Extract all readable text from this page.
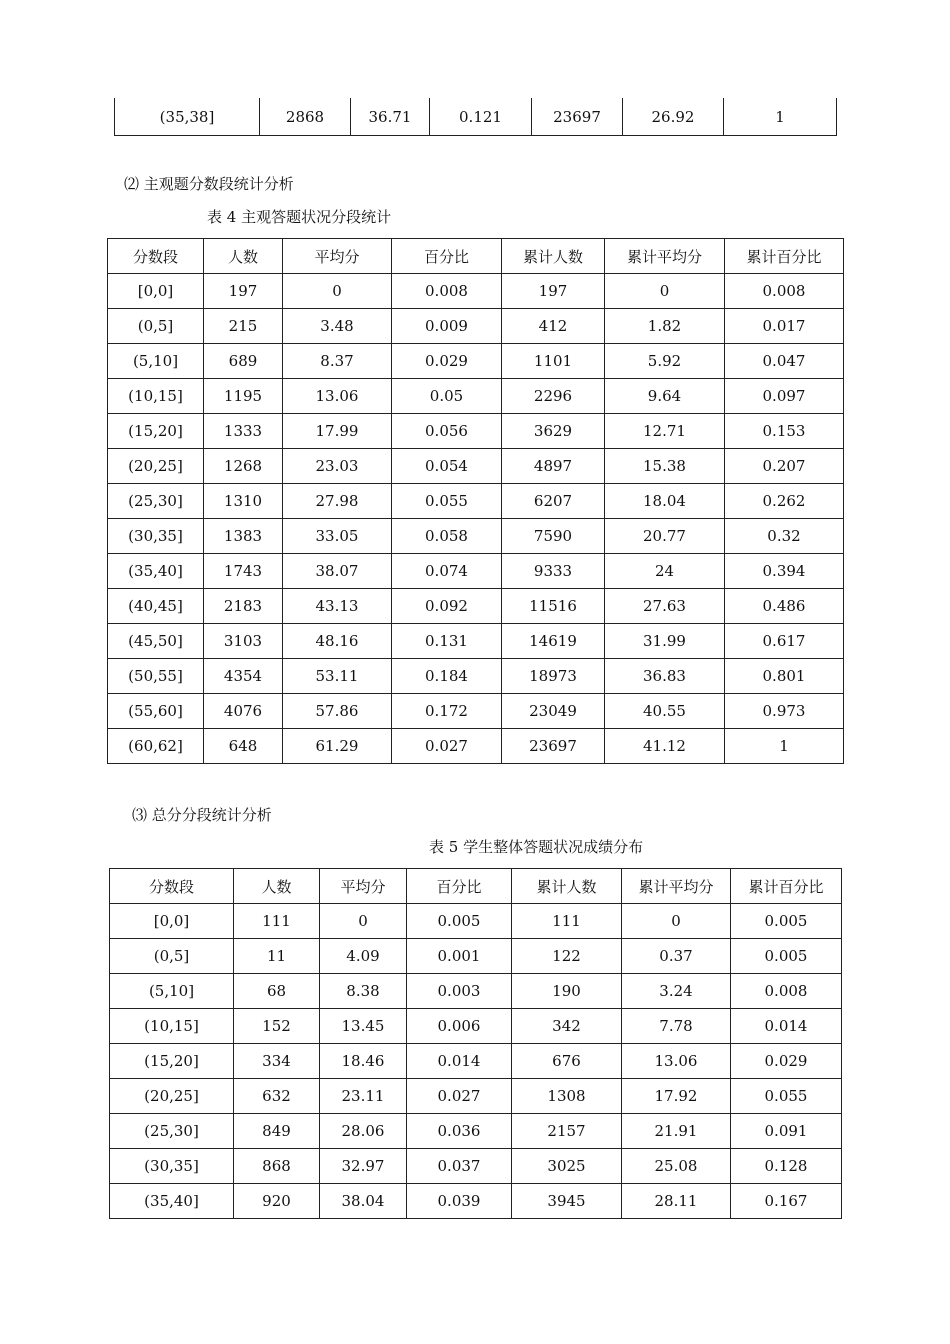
(35,38]	2868	36.71	0.121	23697	26.92	1
⑵ 主观题分数段统计分析
表 4 主观答题状况分段统计
分数段	人数	平均分	百分比	累计人数	累计平均分	累计百分比
[0,0]	197	0	0.008	197	0	0.008
(0,5]	215	3.48	0.009	412	1.82	0.017
(5,10]	689	8.37	0.029	1101	5.92	0.047
(10,15]	1195	13.06	0.05	2296	9.64	0.097
(15,20]	1333	17.99	0.056	3629	12.71	0.153
(20,25]	1268	23.03	0.054	4897	15.38	0.207
(25,30]	1310	27.98	0.055	6207	18.04	0.262
(30,35]	1383	33.05	0.058	7590	20.77	0.32
(35,40]	1743	38.07	0.074	9333	24	0.394
(40,45]	2183	43.13	0.092	11516	27.63	0.486
(45,50]	3103	48.16	0.131	14619	31.99	0.617
(50,55]	4354	53.11	0.184	18973	36.83	0.801
(55,60]	4076	57.86	0.172	23049	40.55	0.973
(60,62]	648	61.29	0.027	23697	41.12	1
⑶ 总分分段统计分析
表 5 学生整体答题状况成绩分布
分数段	人数	平均分	百分比	累计人数	累计平均分	累计百分比
[0,0]	111	0	0.005	111	0	0.005
(0,5]	11	4.09	0.001	122	0.37	0.005
(5,10]	68	8.38	0.003	190	3.24	0.008
(10,15]	152	13.45	0.006	342	7.78	0.014
(15,20]	334	18.46	0.014	676	13.06	0.029
(20,25]	632	23.11	0.027	1308	17.92	0.055
(25,30]	849	28.06	0.036	2157	21.91	0.091
(30,35]	868	32.97	0.037	3025	25.08	0.128
(35,40]	920	38.04	0.039	3945	28.11	0.167
